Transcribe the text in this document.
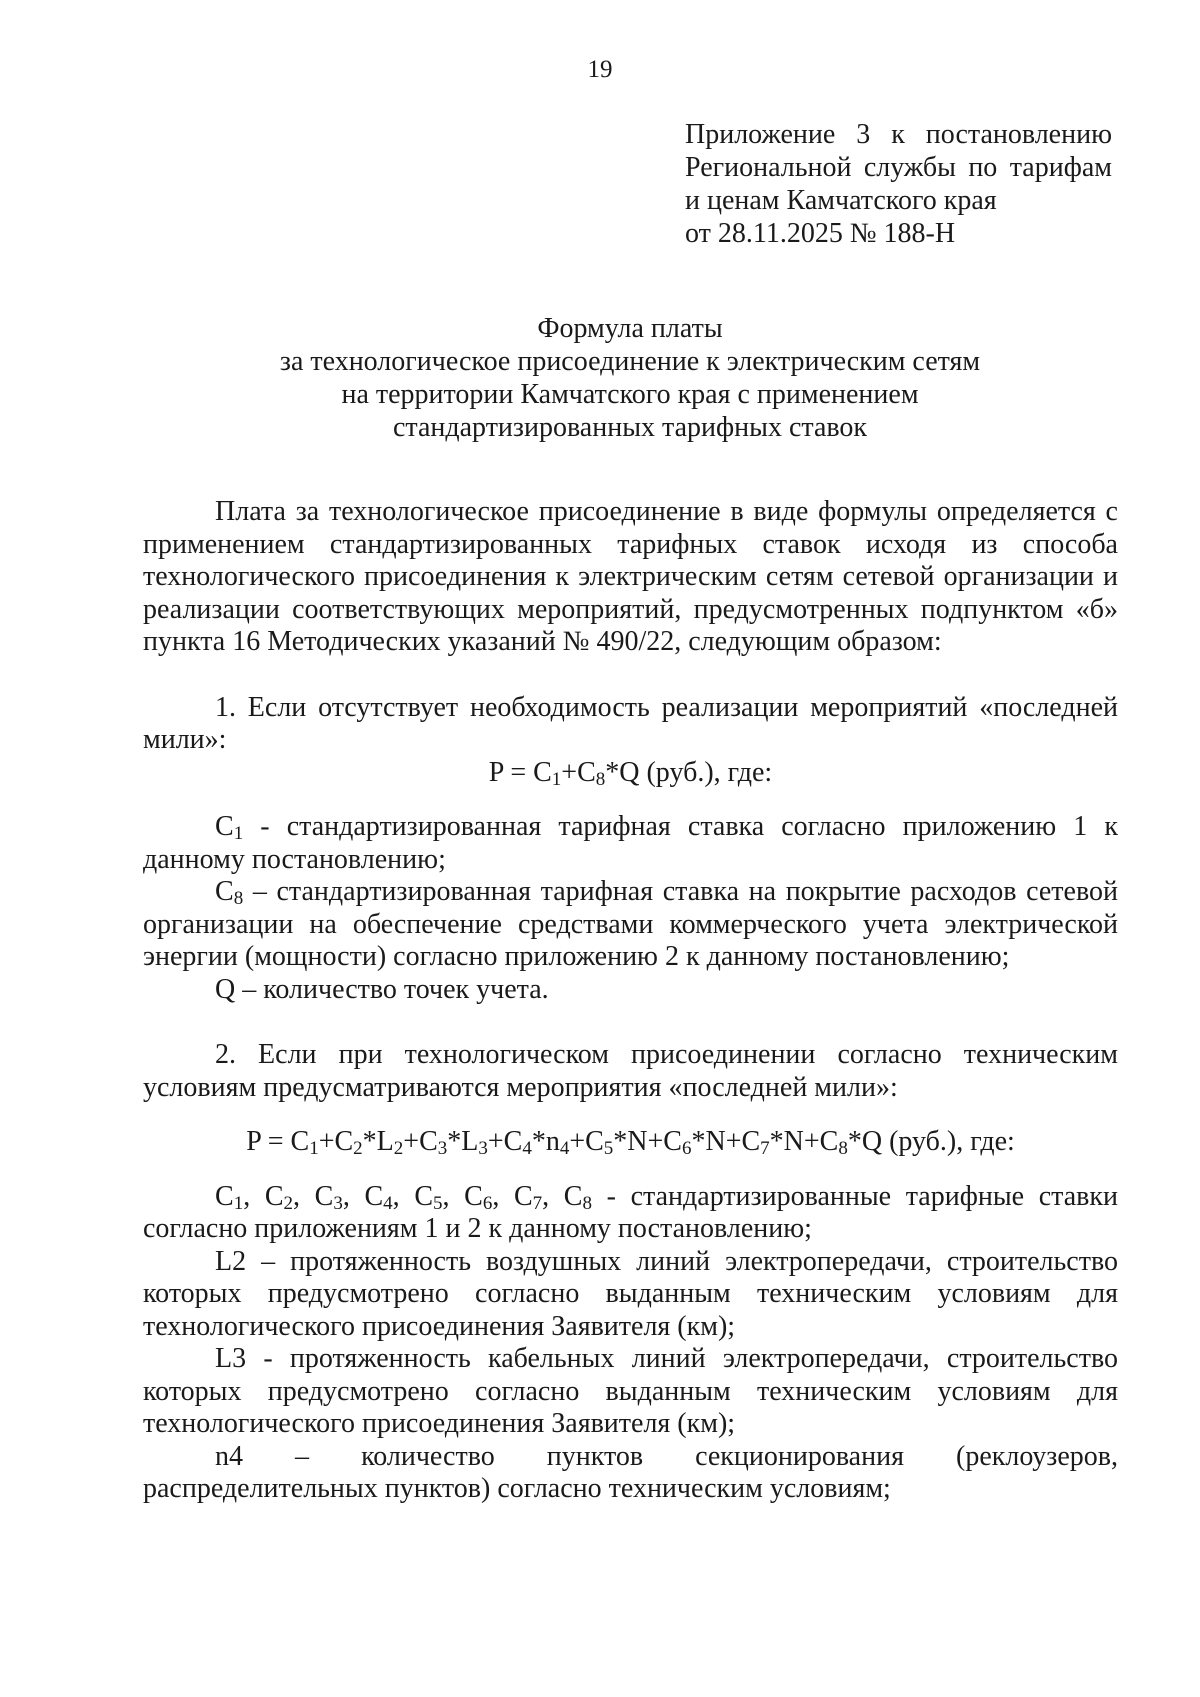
19
Приложение 3 к постановлению
Региональной службы по тарифам
и ценам Камчатского края
от 28.11.2025 № 188-Н
Формула платы
за технологическое присоединение к электрическим сетям
на территории Камчатского края с применением
стандартизированных тарифных ставок

Плата за технологическое присоединение в виде формулы определяется с применением стандартизированных тарифных ставок исходя из способа технологического присоединения к электрическим сетям сетевой организации и реализации соответствующих мероприятий, предусмотренных подпунктом «б» пункта 16 Методических указаний № 490/22, следующим образом:

1. Если отсутствует необходимость реализации мероприятий «последней мили»:

$P = C_1+C_8*Q$ (руб.), где:

$C_1$ - стандартизированная тарифная ставка согласно приложению 1 к данному постановлению;

$C_8$ – стандартизированная тарифная ставка на покрытие расходов сетевой организации на обеспечение средствами коммерческого учета электрической энергии (мощности) согласно приложению 2 к данному постановлению;

Q – количество точек учета.

2. Если при технологическом присоединении согласно техническим условиям предусматриваются мероприятия «последней мили»:

$P = C_1+C_2*L_2+C_3*L_3+C_4*n_4+C_5*N+C_6*N+C_7*N+C_8*Q$ (руб.), где:

$C_1$, $C_2$, $C_3$, $C_4$, $C_5$, $C_6$, $C_7$, $C_8$ - стандартизированные тарифные ставки согласно приложениям 1 и 2 к данному постановлению;

L2 – протяженность воздушных линий электропередачи, строительство которых предусмотрено согласно выданным техническим условиям для технологического присоединения Заявителя (км);

L3 - протяженность кабельных линий электропередачи, строительство которых предусмотрено согласно выданным техническим условиям для технологического присоединения Заявителя (км);

n4 – количество пунктов секционирования (реклоузеров,

распределительных пунктов) согласно техническим условиям;
